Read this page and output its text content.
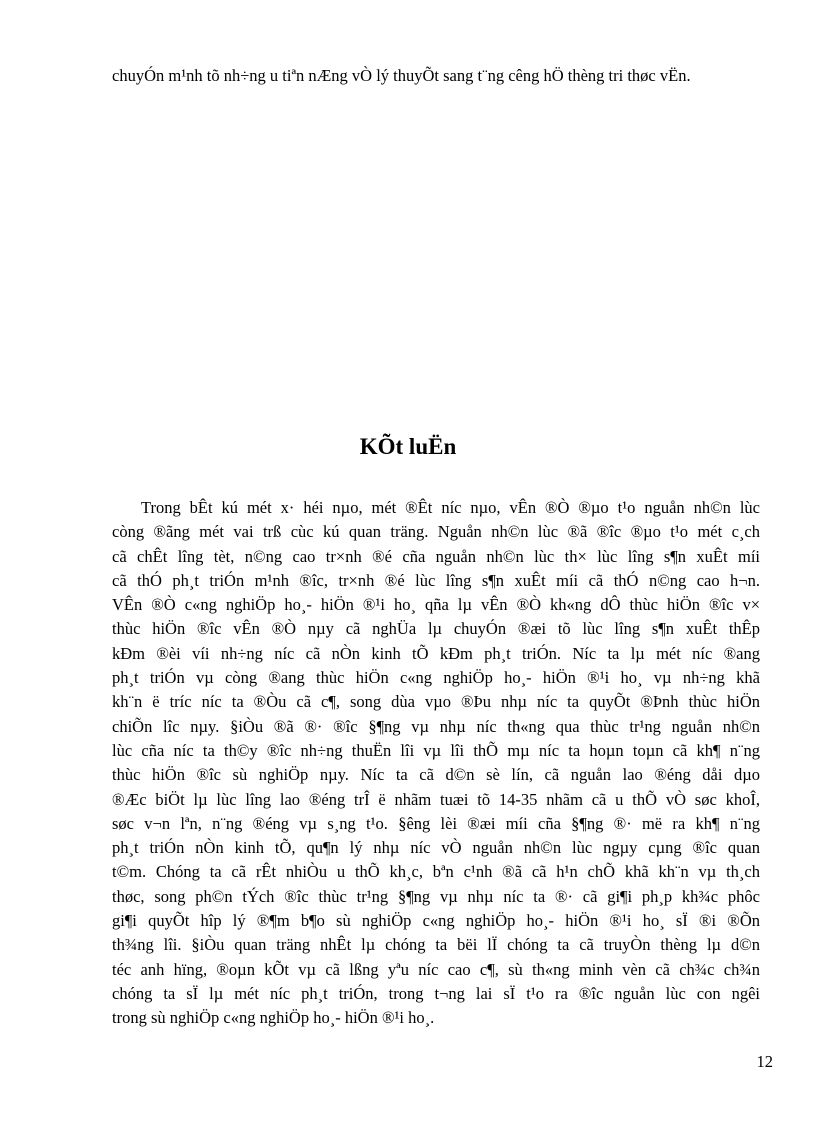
chuyÓn m¹nh tõ nh÷ng u tiªn nÆng vÒ lý thuyÕt sang t¨ng cêng hÖ thèng tri thøc vËn.

KÕt luËn
Trong bÊt kú mét x· héi nµo, mét ®Êt níc nµo, vÊn ®Ò ®µo t¹o nguån nh©n lùc
còng ®ãng mét vai trß cùc kú quan träng. Nguån nh©n lùc ®ã ®îc ®µo t¹o mét c¸ch
cã chÊt lîng tèt, n©ng cao tr×nh ®é cña nguån nh©n lùc th× lùc lîng s¶n xuÊt míi
cã thÓ ph¸t triÓn m¹nh ®îc, tr×nh ®é lùc lîng s¶n xuÊt míi cã thÓ n©ng cao h¬n.
VÊn ®Ò c«ng nghiÖp ho¸- hiÖn ®¹i ho¸ qña lµ vÊn ®Ò kh«ng dÔ thùc hiÖn ®îc v×
thùc hiÖn ®îc vÊn ®Ò nµy cã nghÜa lµ chuyÓn ®æi tõ lùc lîng s¶n xuÊt thÊp
kÐm ®èi víi nh÷ng níc cã nÒn kinh tÕ kÐm ph¸t triÓn. Níc ta lµ mét níc ®ang
ph¸t triÓn vµ còng ®ang thùc hiÖn c«ng nghiÖp ho¸- hiÖn ®¹i ho¸ vµ nh÷ng khã
kh¨n ë tríc níc ta ®Òu cã c¶, song dùa vµo ®Þu nhµ níc ta quyÕt ®Þnh thùc hiÖn
chiÕn lîc nµy. §iÒu ®ã ®· ®îc §¶ng vµ nhµ níc th«ng qua thùc tr¹ng nguån nh©n
lùc cña níc ta th©y ®îc nh÷ng thuËn lîi vµ lîi thÕ mµ níc ta hoµn toµn cã kh¶ n¨ng
thùc hiÖn ®îc sù nghiÖp nµy. Níc ta cã d©n sè lín, cã nguån lao ®éng dåi dµo
®Æc biÖt lµ lùc lîng lao ®éng trÎ ë nhãm tuæi tõ 14-35 nhãm cã u thÕ vÒ søc khoÎ,
søc v¬n lªn, n¨ng ®éng vµ s¸ng t¹o. §êng lèi ®æi míi cña §¶ng ®· më ra kh¶ n¨ng
ph¸t triÓn nÒn kinh tÕ, qu¶n lý nhµ níc vÒ nguån nh©n lùc ngµy cµng ®îc quan
t©m. Chóng ta cã rÊt nhiÒu u thÕ kh¸c, bªn c¹nh ®ã cã h¹n chÕ khã kh¨n vµ th¸ch
thøc, song ph©n tÝch ®îc thùc tr¹ng §¶ng vµ nhµ níc ta ®· cã gi¶i ph¸p kh¾c phôc
gi¶i quyÕt hîp lý ®¶m b¶o sù nghiÖp c«ng nghiÖp ho¸- hiÖn ®¹i ho¸ sÏ ®i ®Õn
th¾ng lîi. §iÒu quan träng nhÊt lµ chóng ta bëi lÏ chóng ta cã truyÒn thèng lµ d©n
téc anh hïng, ®oµn kÕt vµ cã lßng yªu níc cao c¶, sù th«ng minh vèn cã ch¾c ch¾n
chóng ta sÏ lµ mét níc ph¸t triÓn, trong t¬ng lai sÏ t¹o ra ®îc nguån lùc con ngêi
trong sù nghiÖp c«ng nghiÖp ho¸- hiÖn ®¹i ho¸.

12
